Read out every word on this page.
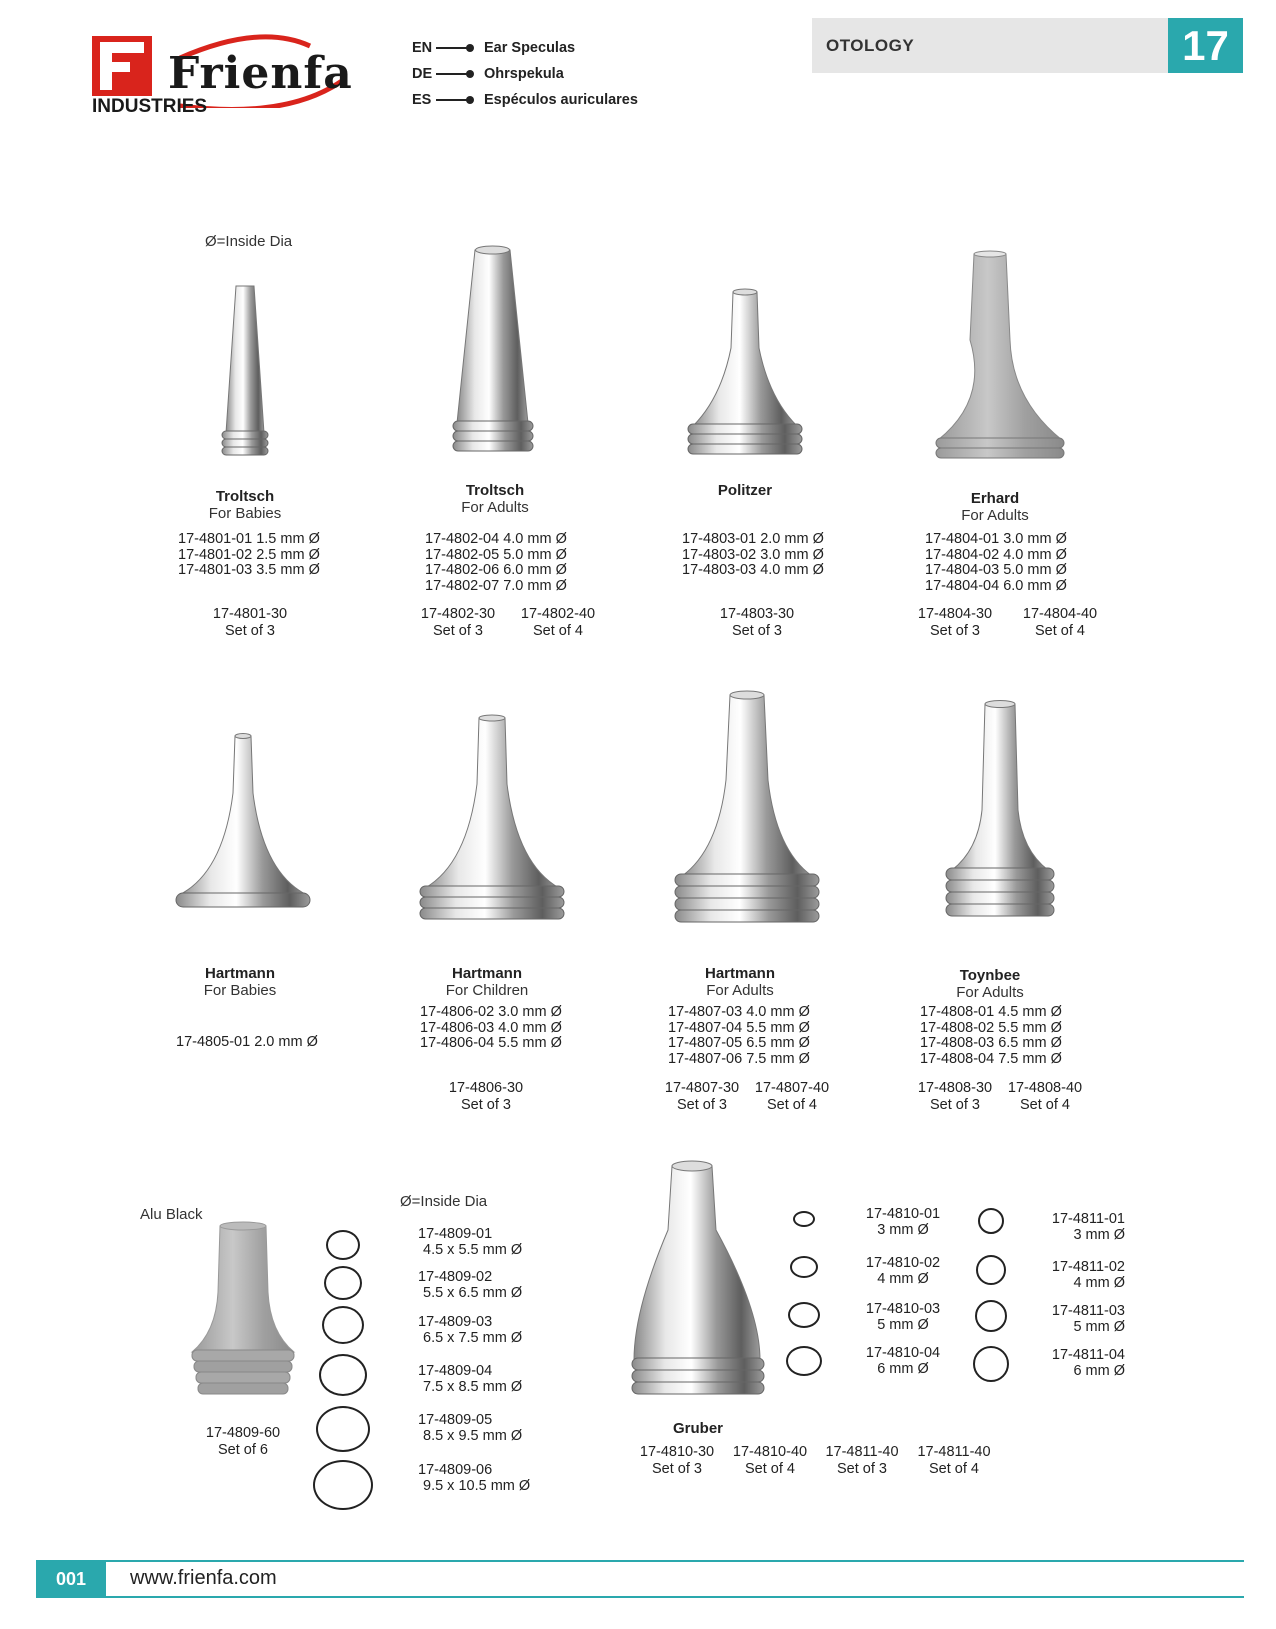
Frienfa
INDUSTRIES
EN	Ear Speculas
DE	Ohrspekula
ES	Espéculos auriculares
OTOLOGY	17
Ø=Inside Dia
Troltsch
For Babies
17-4801-01 1.5 mm Ø
17-4801-02 2.5 mm Ø
17-4801-03 3.5 mm Ø
17-4801-30
Set of 3
Troltsch
For Adults
17-4802-04 4.0 mm Ø
17-4802-05 5.0 mm Ø
17-4802-06 6.0 mm Ø
17-4802-07 7.0 mm Ø
17-4802-30
Set of 3
17-4802-40
Set of 4
Politzer
17-4803-01 2.0 mm Ø
17-4803-02 3.0 mm Ø
17-4803-03 4.0 mm Ø
17-4803-30
Set of 3
Erhard
For Adults
17-4804-01 3.0 mm Ø
17-4804-02 4.0 mm Ø
17-4804-03 5.0 mm Ø
17-4804-04 6.0 mm Ø
17-4804-30
Set of 3
17-4804-40
Set of 4
Hartmann
For Babies
17-4805-01 2.0 mm Ø
Hartmann
For Children
17-4806-02 3.0 mm Ø
17-4806-03 4.0 mm Ø
17-4806-04 5.5 mm Ø
17-4806-30
Set of 3
Hartmann
For Adults
17-4807-03 4.0 mm Ø
17-4807-04 5.5 mm Ø
17-4807-05 6.5 mm Ø
17-4807-06 7.5 mm Ø
17-4807-30
Set of 3
17-4807-40
Set of 4
Toynbee
For Adults
17-4808-01 4.5 mm Ø
17-4808-02 5.5 mm Ø
17-4808-03 6.5 mm Ø
17-4808-04 7.5 mm Ø
17-4808-30
Set of 3
17-4808-40
Set of 4
Alu Black
17-4809-60
Set of 6
Ø=Inside Dia
17-4809-01
4.5 x 5.5 mm Ø
17-4809-02
5.5 x 6.5 mm Ø
17-4809-03
6.5 x 7.5 mm Ø
17-4809-04
7.5 x 8.5 mm Ø
17-4809-05
8.5 x 9.5 mm Ø
17-4809-06
9.5 x 10.5 mm Ø
Gruber
17-4810-01
3 mm Ø
17-4810-02
4 mm Ø
17-4810-03
5 mm Ø
17-4810-04
6 mm Ø
17-4811-01
3 mm Ø
17-4811-02
4 mm Ø
17-4811-03
5 mm Ø
17-4811-04
6 mm Ø
17-4810-30
Set of 3
17-4810-40
Set of 4
17-4811-40
Set of 3
17-4811-40
Set of 4
001	www.frienfa.com
